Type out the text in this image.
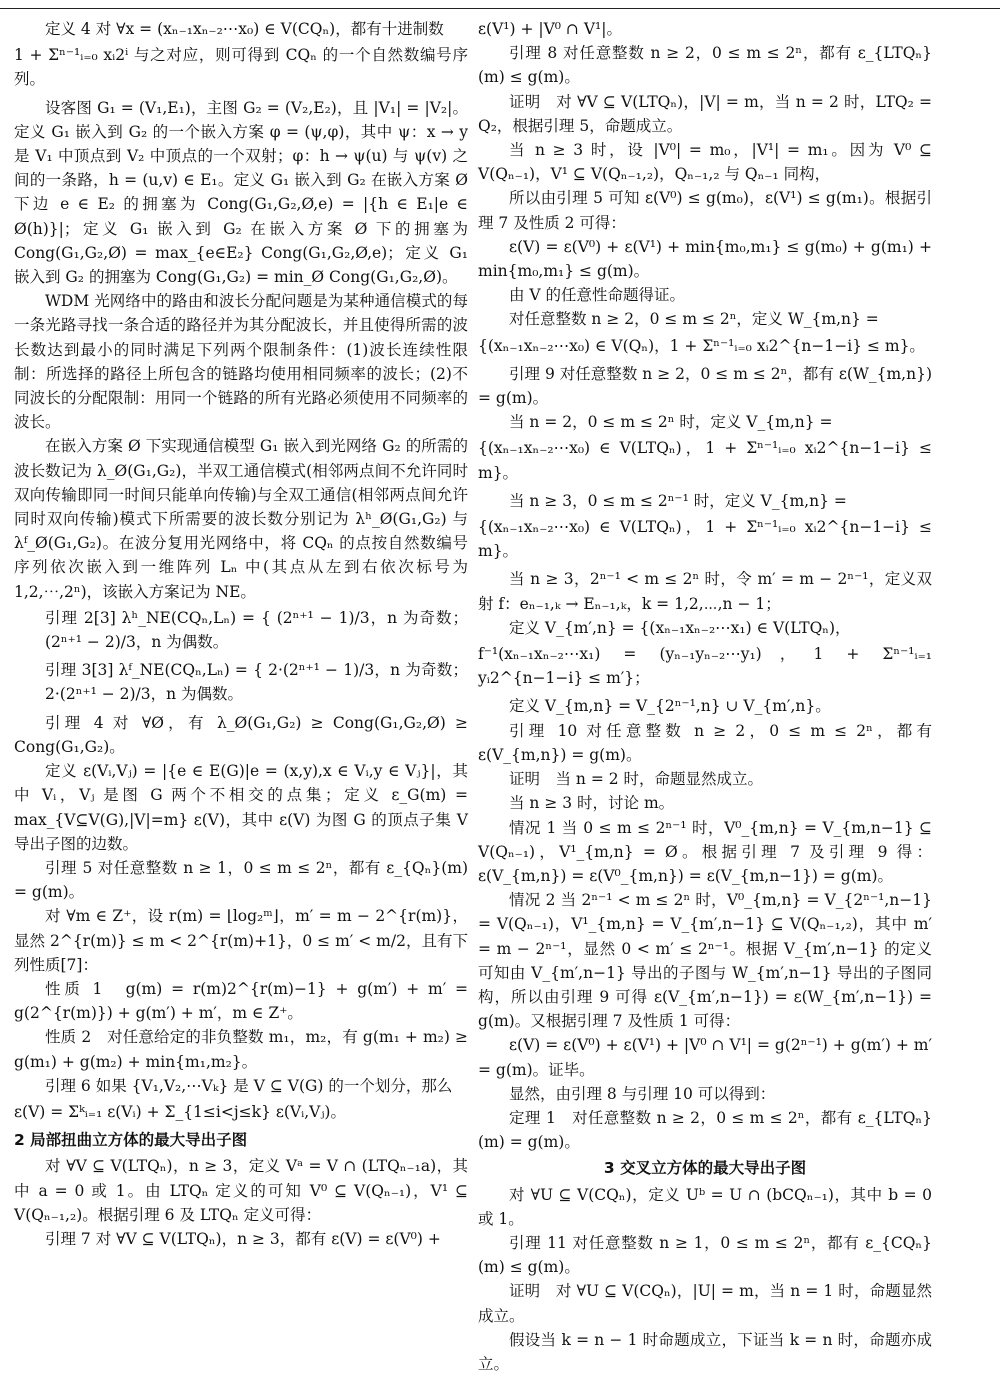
定义 4 对 ∀x = (xₙ₋₁xₙ₋₂⋯x₀) ∈ V(CQₙ)，都有十进制数
1 + Σⁿ⁻¹ᵢ₌₀ xᵢ2ⁱ 与之对应，则可得到 CQₙ 的一个自然数编号序列。
设客图 G₁ = (V₁,E₁)，主图 G₂ = (V₂,E₂)，且 |V₁| = |V₂|。定义 G₁ 嵌入到 G₂ 的一个嵌入方案 φ = (ψ,φ)，其中 ψ：x → y 是 V₁ 中顶点到 V₂ 中顶点的一个双射；φ：h → ψ(u) 与 ψ(v) 之间的一条路，h = (u,v) ∈ E₁。定义 G₁ 嵌入到 G₂ 在嵌入方案 Ø 下边 e ∈ E₂ 的拥塞为 Cong(G₁,G₂,Ø,e) = |{h ∈ E₁|e ∈ Ø(h)}|；定义 G₁ 嵌入到 G₂ 在嵌入方案 Ø 下的拥塞为 Cong(G₁,G₂,Ø) = max_{e∈E₂} Cong(G₁,G₂,Ø,e)；定义 G₁ 嵌入到 G₂ 的拥塞为 Cong(G₁,G₂) = min_Ø Cong(G₁,G₂,Ø)。
WDM 光网络中的路由和波长分配问题是为某种通信模式的每一条光路寻找一条合适的路径并为其分配波长，并且使得所需的波长数达到最小的同时满足下列两个限制条件：(1)波长连续性限制：所选择的路径上所包含的链路均使用相同频率的波长；(2)不同波长的分配限制：用同一个链路的所有光路必须使用不同频率的波长。
在嵌入方案 Ø 下实现通信模型 G₁ 嵌入到光网络 G₂ 的所需的波长数记为 λ_Ø(G₁,G₂)，半双工通信模式(相邻两点间不允许同时双向传输即同一时间只能单向传输)与全双工通信(相邻两点间允许同时双向传输)模式下所需要的波长数分别记为 λʰ_Ø(G₁,G₂) 与 λᶠ_Ø(G₁,G₂)。在波分复用光网络中，将 CQₙ 的点按自然数编号序列依次嵌入到一维阵列 Lₙ 中(其点从左到右依次标号为 1,2,⋯,2ⁿ)，该嵌入方案记为 NE。
引理 2[3] λʰ_NE(CQₙ,Lₙ) = { (2ⁿ⁺¹ − 1)/3，n 为奇数；(2ⁿ⁺¹ − 2)/3，n 为偶数。
引理 3[3] λᶠ_NE(CQₙ,Lₙ) = { 2·(2ⁿ⁺¹ − 1)/3，n 为奇数；2·(2ⁿ⁺¹ − 2)/3，n 为偶数。
引理 4 对 ∀Ø，有 λ_Ø(G₁,G₂) ≥ Cong(G₁,G₂,Ø) ≥ Cong(G₁,G₂)。
定义 ε(Vᵢ,Vⱼ) = |{e ∈ E(G)|e = (x,y),x ∈ Vᵢ,y ∈ Vⱼ}|，其中 Vᵢ，Vⱼ 是图 G 两个不相交的点集；定义 ε_G(m) = max_{V⊆V(G),|V|=m} ε(V)，其中 ε(V) 为图 G 的顶点子集 V 导出子图的边数。
引理 5 对任意整数 n ≥ 1，0 ≤ m ≤ 2ⁿ，都有 ε_{Qₙ}(m) = g(m)。
对 ∀m ∈ Z⁺，设 r(m) = ⌊log₂ᵐ⌋，m′ = m − 2^{r(m)}，显然 2^{r(m)} ≤ m < 2^{r(m)+1}，0 ≤ m′ < m/2，且有下列性质[7]：
性质 1　g(m) = r(m)2^{r(m)−1} + g(m′) + m′ = g(2^{r(m)}) + g(m′) + m′，m ∈ Z⁺。
性质 2　对任意给定的非负整数 m₁，m₂，有 g(m₁ + m₂) ≥ g(m₁) + g(m₂) + min{m₁,m₂}。
引理 6 如果 {V₁,V₂,⋯Vₖ} 是 V ⊆ V(G) 的一个划分，那么
ε(V) = Σᵏᵢ₌₁ ε(Vᵢ) + Σ_{1≤i<j≤k} ε(Vᵢ,Vⱼ)。
2 局部扭曲立方体的最大导出子图
对 ∀V ⊆ V(LTQₙ)，n ≥ 3，定义 Vᵃ = V ∩ (LTQₙ₋₁a)，其中 a = 0 或 1。由 LTQₙ 定义的可知 V⁰ ⊆ V(Qₙ₋₁)，V¹ ⊆ V(Qₙ₋₁,₂)。根据引理 6 及 LTQₙ 定义可得：
引理 7 对 ∀V ⊆ V(LTQₙ)，n ≥ 3，都有 ε(V) = ε(V⁰) +
ε(V¹) + |V⁰ ∩ V¹|。
引理 8 对任意整数 n ≥ 2，0 ≤ m ≤ 2ⁿ，都有 ε_{LTQₙ}(m) ≤ g(m)。
证明　对 ∀V ⊆ V(LTQₙ)，|V| = m，当 n = 2 时，LTQ₂ = Q₂，根据引理 5，命题成立。
当 n ≥ 3 时，设 |V⁰| = m₀，|V¹| = m₁。因为 V⁰ ⊆ V(Qₙ₋₁)，V¹ ⊆ V(Qₙ₋₁,₂)，Qₙ₋₁,₂ 与 Qₙ₋₁ 同构，
所以由引理 5 可知 ε(V⁰) ≤ g(m₀)，ε(V¹) ≤ g(m₁)。根据引理 7 及性质 2 可得：
ε(V) = ε(V⁰) + ε(V¹) + min{m₀,m₁} ≤ g(m₀) + g(m₁) + min{m₀,m₁} ≤ g(m)。
由 V 的任意性命题得证。
对任意整数 n ≥ 2，0 ≤ m ≤ 2ⁿ，定义 W_{m,n} =
{(xₙ₋₁xₙ₋₂⋯x₀) ∈ V(Qₙ)，1 + Σⁿ⁻¹ᵢ₌₀ xᵢ2^{n−1−i} ≤ m}。
引理 9 对任意整数 n ≥ 2，0 ≤ m ≤ 2ⁿ，都有 ε(W_{m,n}) = g(m)。
当 n = 2，0 ≤ m ≤ 2ⁿ 时，定义 V_{m,n} =
{(xₙ₋₁xₙ₋₂⋯x₀) ∈ V(LTQₙ)，1 + Σⁿ⁻¹ᵢ₌₀ xᵢ2^{n−1−i} ≤ m}。
当 n ≥ 3，0 ≤ m ≤ 2ⁿ⁻¹ 时，定义 V_{m,n} =
{(xₙ₋₁xₙ₋₂⋯x₀) ∈ V(LTQₙ)，1 + Σⁿ⁻¹ᵢ₌₀ xᵢ2^{n−1−i} ≤ m}。
当 n ≥ 3，2ⁿ⁻¹ < m ≤ 2ⁿ 时，令 m′ = m − 2ⁿ⁻¹，定义双射 f：eₙ₋₁,ₖ → Eₙ₋₁,ₖ，k = 1,2,⋯,n − 1；
定义 V_{m′,n} = {(xₙ₋₁xₙ₋₂⋯x₁) ∈ V(LTQₙ)，
f⁻¹(xₙ₋₁xₙ₋₂⋯x₁) = (yₙ₋₁yₙ₋₂⋯y₁)，1 + Σⁿ⁻¹ᵢ₌₁ yᵢ2^{n−1−i} ≤ m′}；
定义 V_{m,n} = V_{2ⁿ⁻¹,n} ∪ V_{m′,n}。
引理 10 对任意整数 n ≥ 2，0 ≤ m ≤ 2ⁿ，都有 ε(V_{m,n}) = g(m)。
证明　当 n = 2 时，命题显然成立。
当 n ≥ 3 时，讨论 m。
情况 1 当 0 ≤ m ≤ 2ⁿ⁻¹ 时，V⁰_{m,n} = V_{m,n−1} ⊆ V(Qₙ₋₁)，V¹_{m,n} = Ø。根据引理 7 及引理 9 得：ε(V_{m,n}) = ε(V⁰_{m,n}) = ε(V_{m,n−1}) = g(m)。
情况 2 当 2ⁿ⁻¹ < m ≤ 2ⁿ 时，V⁰_{m,n} = V_{2ⁿ⁻¹,n−1} = V(Qₙ₋₁)，V¹_{m,n} = V_{m′,n−1} ⊆ V(Qₙ₋₁,₂)，其中 m′ = m − 2ⁿ⁻¹，显然 0 < m′ ≤ 2ⁿ⁻¹。根据 V_{m′,n−1} 的定义可知由 V_{m′,n−1} 导出的子图与 W_{m′,n−1} 导出的子图同构，所以由引理 9 可得 ε(V_{m′,n−1}) = ε(W_{m′,n−1}) = g(m)。又根据引理 7 及性质 1 可得：
ε(V) = ε(V⁰) + ε(V¹) + |V⁰ ∩ V¹| = g(2ⁿ⁻¹) + g(m′) + m′ = g(m)。证毕。
显然，由引理 8 与引理 10 可以得到：
定理 1　对任意整数 n ≥ 2，0 ≤ m ≤ 2ⁿ，都有 ε_{LTQₙ}(m) = g(m)。
3 交叉立方体的最大导出子图
对 ∀U ⊆ V(CQₙ)，定义 Uᵇ = U ∩ (bCQₙ₋₁)，其中 b = 0 或 1。
引理 11 对任意整数 n ≥ 1，0 ≤ m ≤ 2ⁿ，都有 ε_{CQₙ}(m) ≤ g(m)。
证明　对 ∀U ⊆ V(CQₙ)，|U| = m，当 n = 1 时，命题显然成立。
假设当 k = n − 1 时命题成立，下证当 k = n 时，命题亦成立。
